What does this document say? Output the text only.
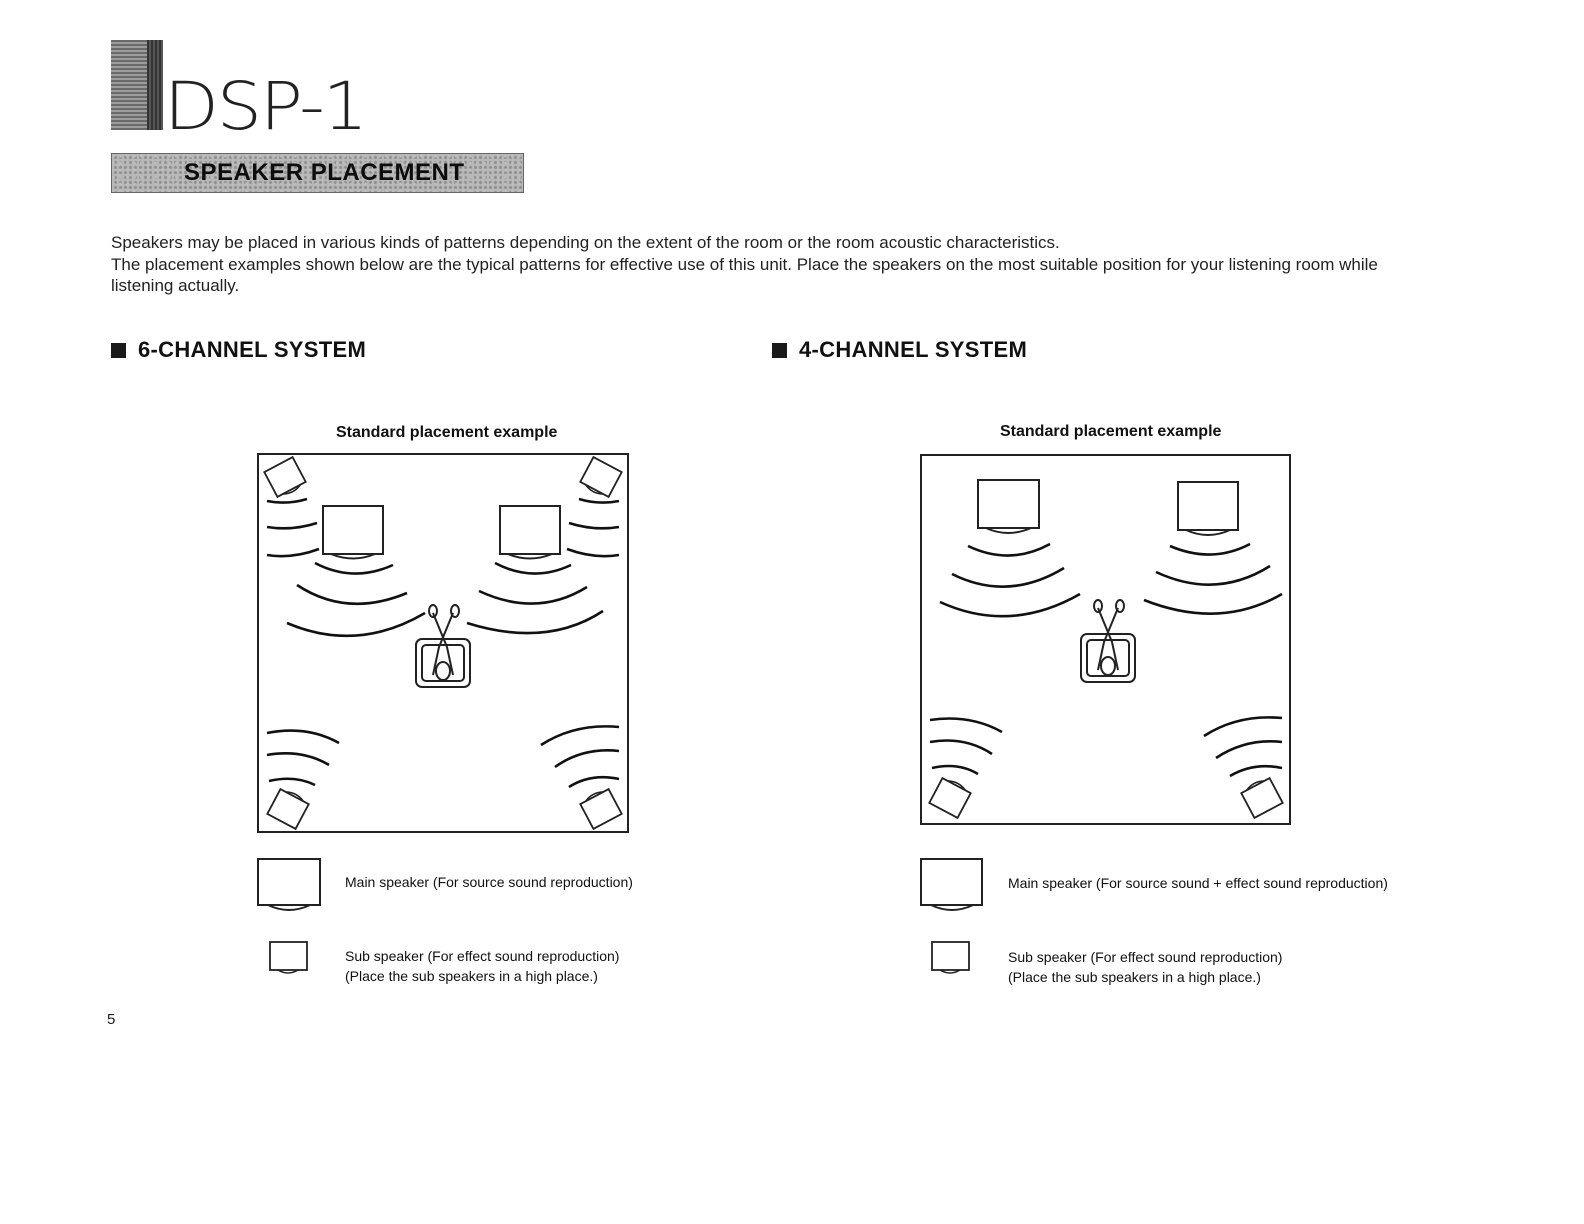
DSP-1
SPEAKER PLACEMENT

Speakers may be placed in various kinds of patterns depending on the extent of the room or the room acoustic characteristics.

The placement examples shown below are the typical patterns for effective use of this unit. Place the speakers on the most suitable position for your listening room while listening actually.

6-CHANNEL SYSTEM
Standard placement example
Main speaker (For source sound reproduction)
Sub speaker (For effect sound reproduction)
(Place the sub speakers in a high place.)
4-CHANNEL SYSTEM
Standard placement example
Main speaker (For source sound + effect sound reproduction)
Sub speaker (For effect sound reproduction)
(Place the sub speakers in a high place.)
5
